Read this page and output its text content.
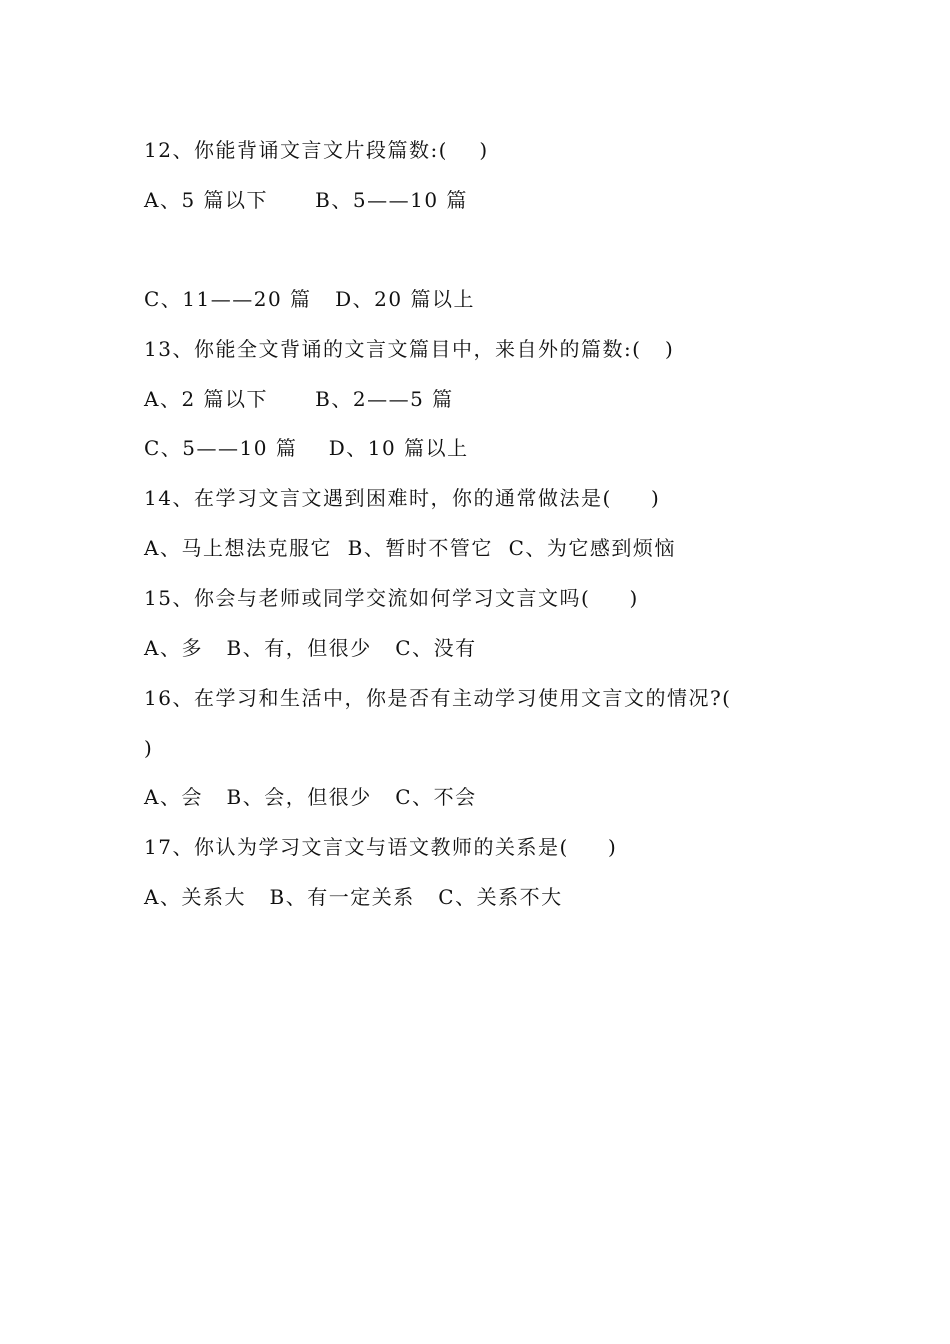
12、你能背诵文言文片段篇数:(    )
A、5 篇以下      B、5——10 篇
C、11——20 篇   D、20 篇以上
13、你能全文背诵的文言文篇目中，来自外的篇数:(   )
A、2 篇以下      B、2——5 篇
C、5——10 篇    D、10 篇以上
14、在学习文言文遇到困难时，你的通常做法是(     )
A、马上想法克服它  B、暂时不管它  C、为它感到烦恼
15、你会与老师或同学交流如何学习文言文吗(     )
A、多   B、有，但很少   C、没有
16、在学习和生活中，你是否有主动学习使用文言文的情况?(
)
A、会   B、会，但很少   C、不会
17、你认为学习文言文与语文教师的关系是(     )
A、关系大   B、有一定关系   C、关系不大
